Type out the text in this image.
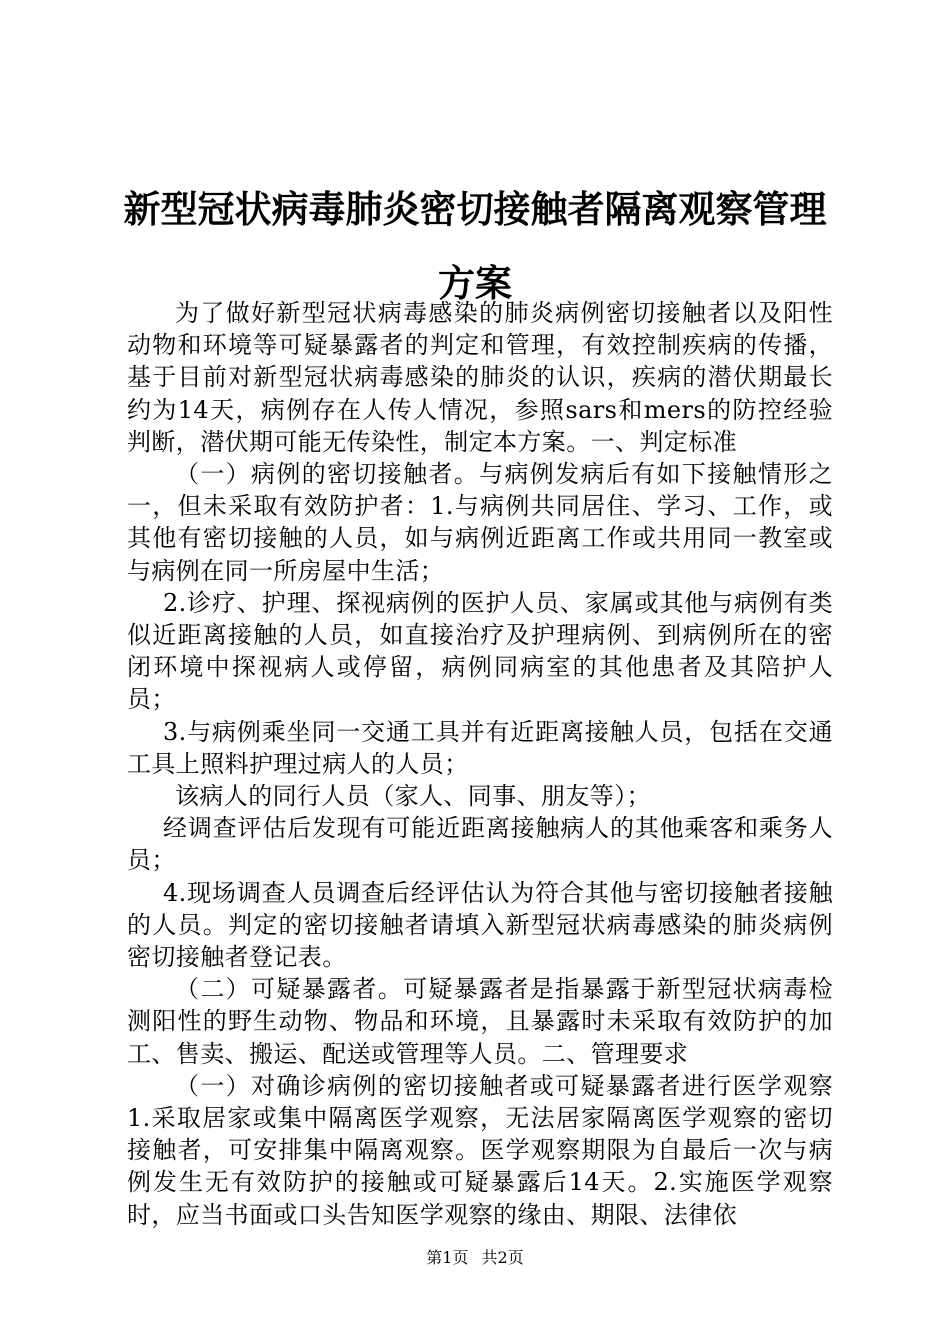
新型冠状病毒肺炎密切接触者隔离观察管理方案

为了做好新型冠状病毒感染的肺炎病例密切接触者以及阳性动物和环境等可疑暴露者的判定和管理，有效控制疾病的传播，基于目前对新型冠状病毒感染的肺炎的认识，疾病的潜伏期最长约为14天，病例存在人传人情况，参照sars和mers的防控经验判断，潜伏期可能无传染性，制定本方案。一、判定标准

（一）病例的密切接触者。与病例发病后有如下接触情形之一，但未采取有效防护者：1.与病例共同居住、学习、工作，或其他有密切接触的人员，如与病例近距离工作或共用同一教室或与病例在同一所房屋中生活；

2.诊疗、护理、探视病例的医护人员、家属或其他与病例有类似近距离接触的人员，如直接治疗及护理病例、到病例所在的密闭环境中探视病人或停留，病例同病室的其他患者及其陪护人员；

3.与病例乘坐同一交通工具并有近距离接触人员，包括在交通工具上照料护理过病人的人员；

该病人的同行人员（家人、同事、朋友等）；

经调查评估后发现有可能近距离接触病人的其他乘客和乘务人员；

4.现场调查人员调查后经评估认为符合其他与密切接触者接触的人员。判定的密切接触者请填入新型冠状病毒感染的肺炎病例密切接触者登记表。

（二）可疑暴露者。可疑暴露者是指暴露于新型冠状病毒检测阳性的野生动物、物品和环境，且暴露时未采取有效防护的加工、售卖、搬运、配送或管理等人员。二、管理要求

（一）对确诊病例的密切接触者或可疑暴露者进行医学观察1.采取居家或集中隔离医学观察，无法居家隔离医学观察的密切接触者，可安排集中隔离观察。医学观察期限为自最后一次与病例发生无有效防护的接触或可疑暴露后14天。2.实施医学观察时，应当书面或口头告知医学观察的缘由、期限、法律依

第1页 共2页
